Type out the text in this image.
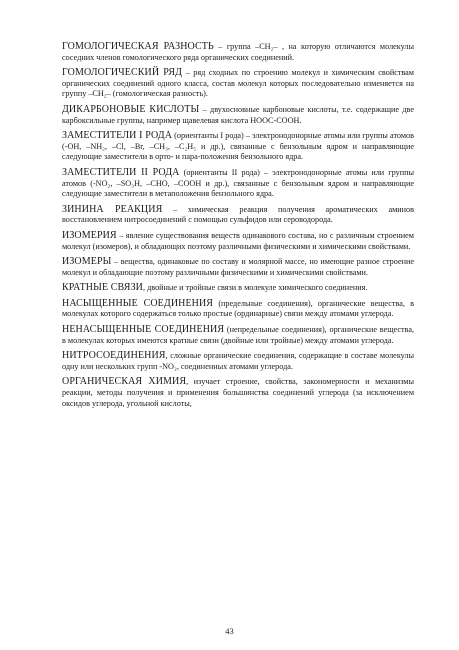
ГОМОЛОГИЧЕСКАЯ РАЗНОСТЬ – группа –CH₂– , на которую отличаются молекулы соседних членов гомологического ряда органических соединений.

ГОМОЛОГИЧЕСКИЙ РЯД – ряд сходных по строению молекул и химическим свойствам органических соединений одного класса, состав молекул которых последовательно изменяется на группу –CH₂– (гомологическая разность).

ДИКАРБОНОВЫЕ КИСЛОТЫ – двухосновные карбоновые кислоты, т.е. содержащие две карбоксильные группы, например щавелевая кислота HOOC-COOH.

ЗАМЕСТИТЕЛИ I РОДА (ориентанты I рода) – электронодонорные атомы или группы атомов (-OH, –NH₂, –Cl, –Br, –CH₃, –C₂H₅ и др.), связанные с бензольным ядром и направляющие следующие заместители в орто- и пара-положения бензольного ядра.

ЗАМЕСТИТЕЛИ II РОДА (ориентанты II рода) – электронодонорные атомы или группы атомов (-NO₂, –SO₃H, –CHO, –COOH и др.), связанные с бензольным ядром и направляющие следующие заместители в метаположения бензольного ядра.

ЗИНИНА РЕАКЦИЯ – химическая реакция получения ароматических аминов восстановлением нитросоединений с помощью сульфидов или сероводорода.

ИЗОМЕРИЯ – явление существования веществ одинакового состава, но с различным строением молекул (изомеров), и обладающих поэтому различными физическими и химическими свойствами.

ИЗОМЕРЫ – вещества, одинаковые по составу и молярной массе, но имеющие разное строение молекул и обладающие поэтому различными физическими и химическими свойствами.

КРАТНЫЕ СВЯЗИ, двойные и тройные связи в молекуле химического соединения.

НАСЫЩЕННЫЕ СОЕДИНЕНИЯ (предельные соединения), органические вещества, в молекулах которого содержаться только простые (ординарные) связи между атомами углерода.

НЕНАСЫЩЕННЫЕ СОЕДИНЕНИЯ (непредельные соединения), органические вещества, в молекулах которых имеются кратные связи (двойные или тройные) между атомами углерода.

НИТРОСОЕДИНЕНИЯ, сложные органические соединения, содержащие в составе молекулы одну или нескольких групп -NO₂, соединенных атомами углерода.

ОРГАНИЧЕСКАЯ ХИМИЯ, изучает строение, свойства, закономерности и механизмы реакции, методы получения и применения большинства соединений углерода (за исключением оксидов углерода, угольной кислоты,

43
